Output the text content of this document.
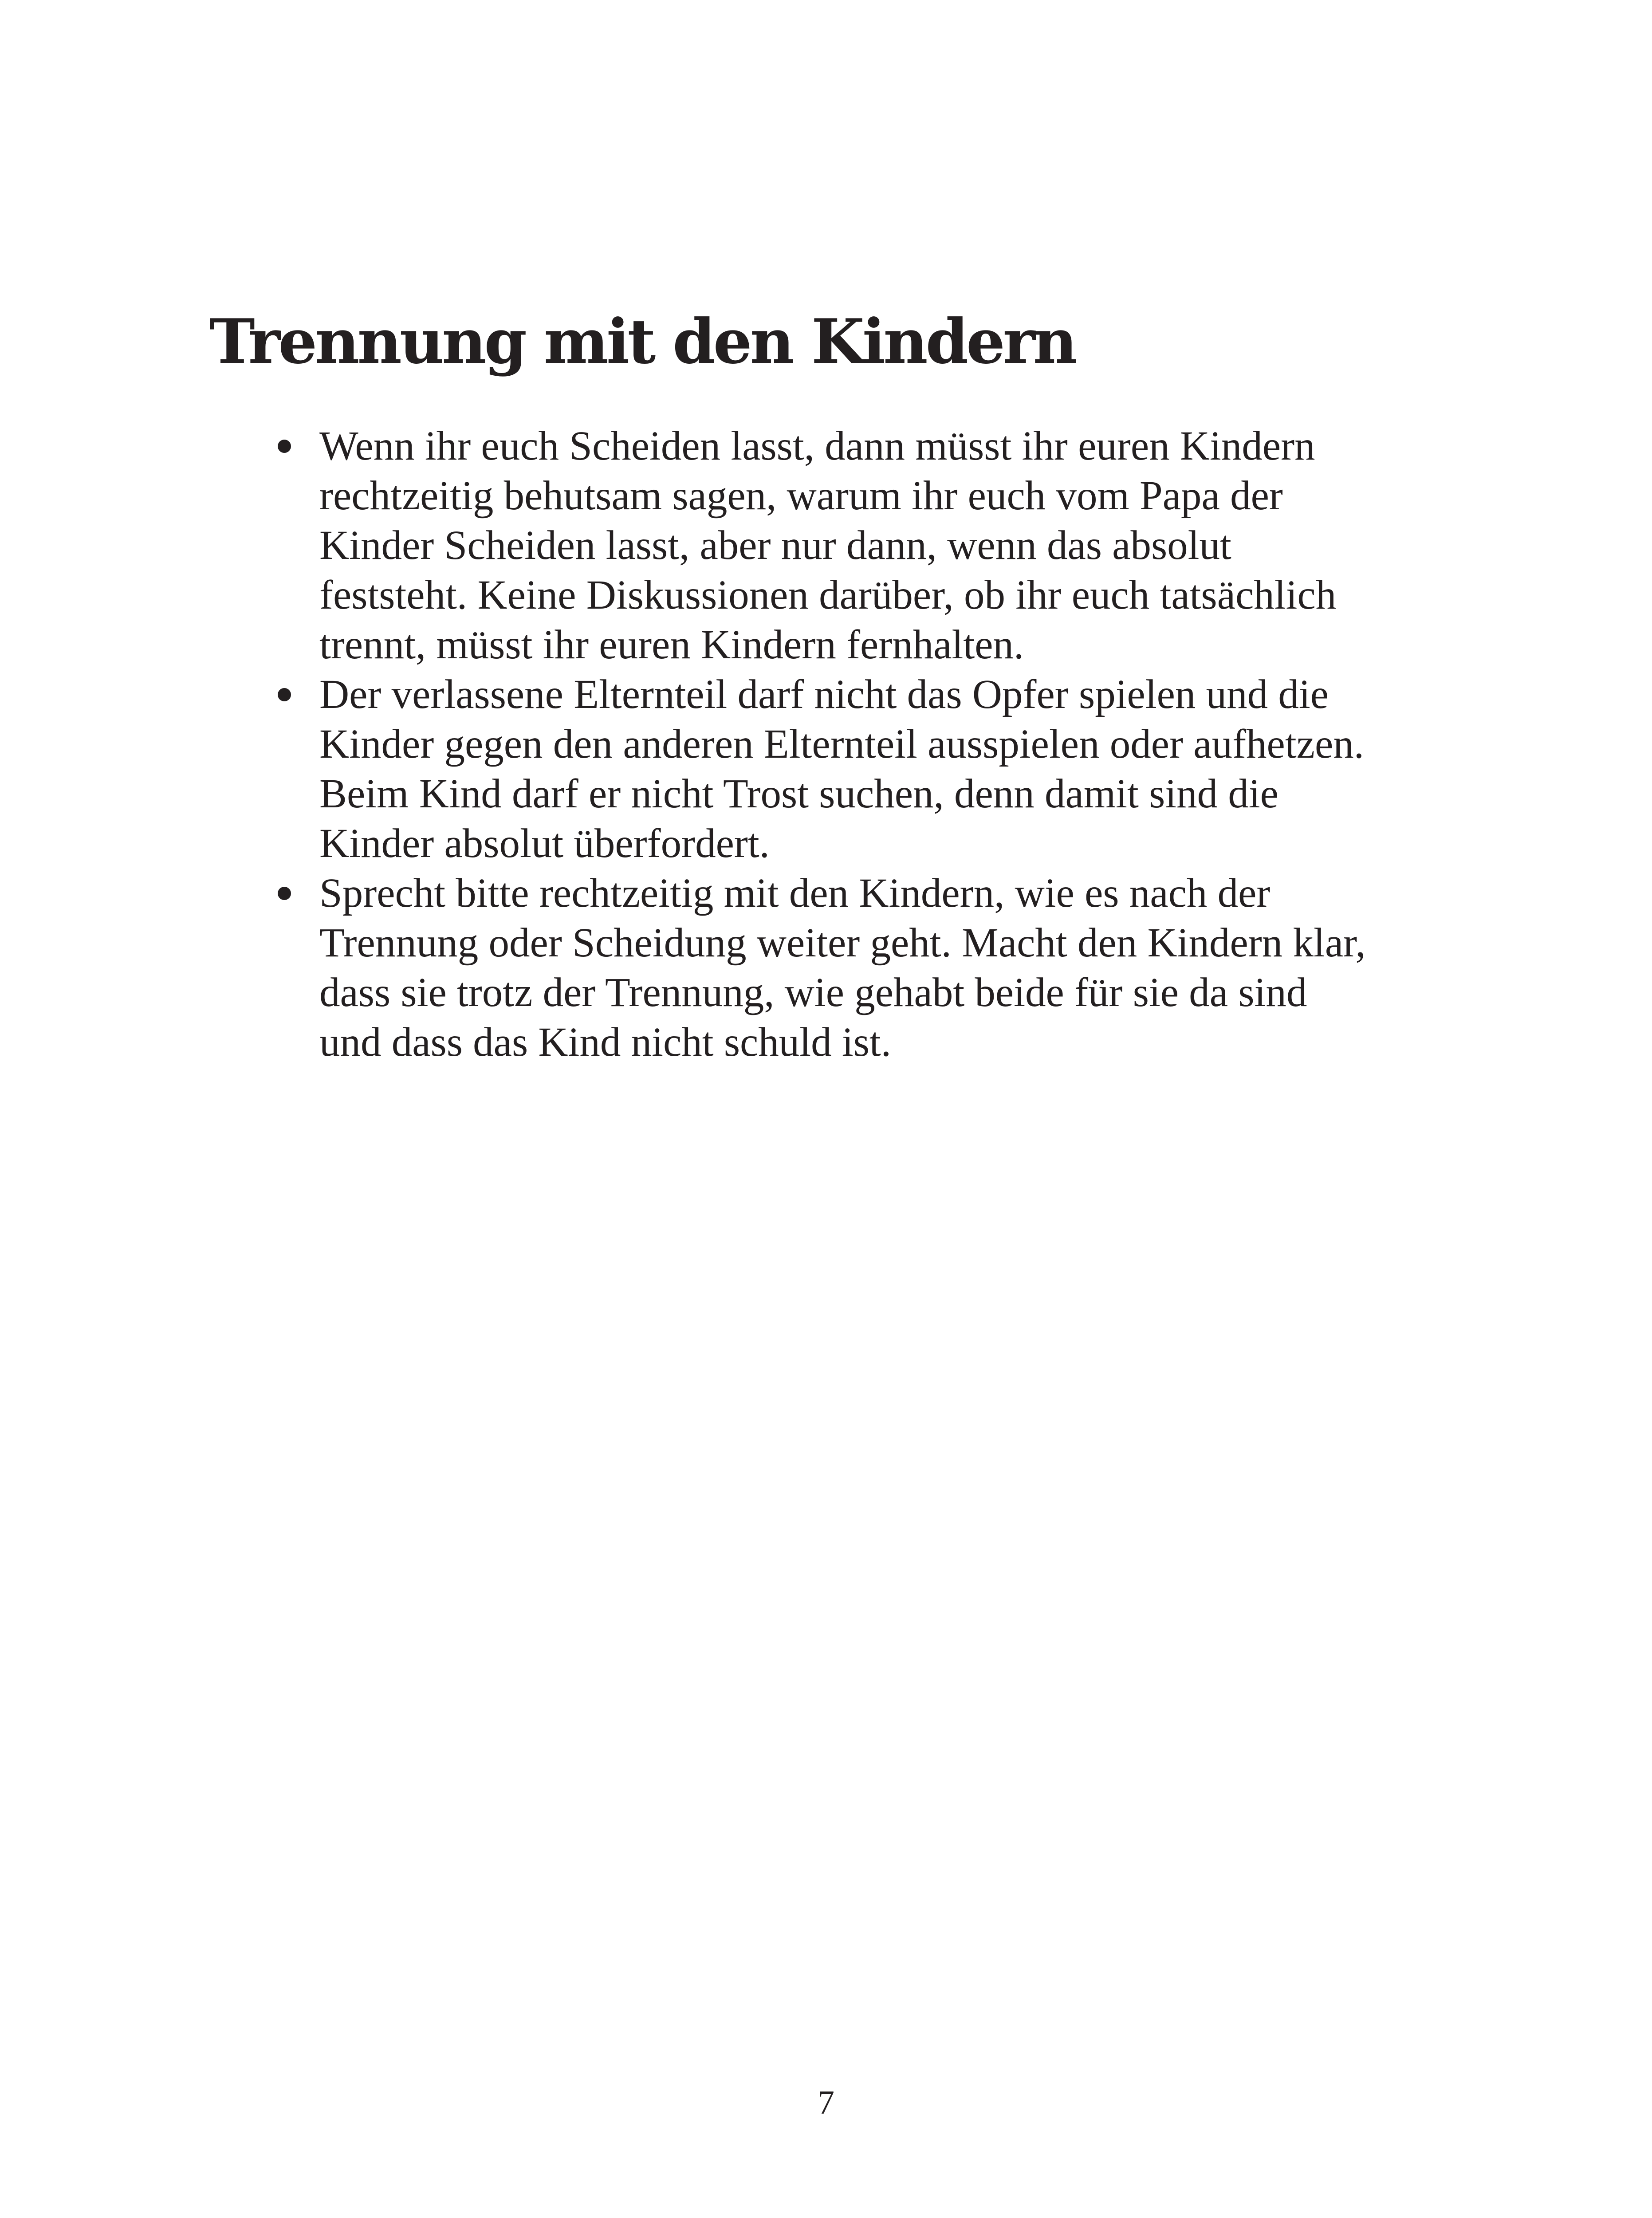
Trennung mit den Kindern
Wenn ihr euch Scheiden lasst, dann müsst ihr euren Kindern
rechtzeitig behutsam sagen, warum ihr euch vom Papa der
Kinder Scheiden lasst, aber nur dann, wenn das absolut
feststeht. Keine Diskussionen darüber, ob ihr euch tatsächlich
trennt, müsst ihr euren Kindern fernhalten.
Der verlassene Elternteil darf nicht das Opfer spielen und die
Kinder gegen den anderen Elternteil ausspielen oder aufhetzen.
Beim Kind darf er nicht Trost suchen, denn damit sind die
Kinder absolut überfordert.
Sprecht bitte rechtzeitig mit den Kindern, wie es nach der
Trennung oder Scheidung weiter geht. Macht den Kindern klar,
dass sie trotz der Trennung, wie gehabt beide für sie da sind
und dass das Kind nicht schuld ist.
7
